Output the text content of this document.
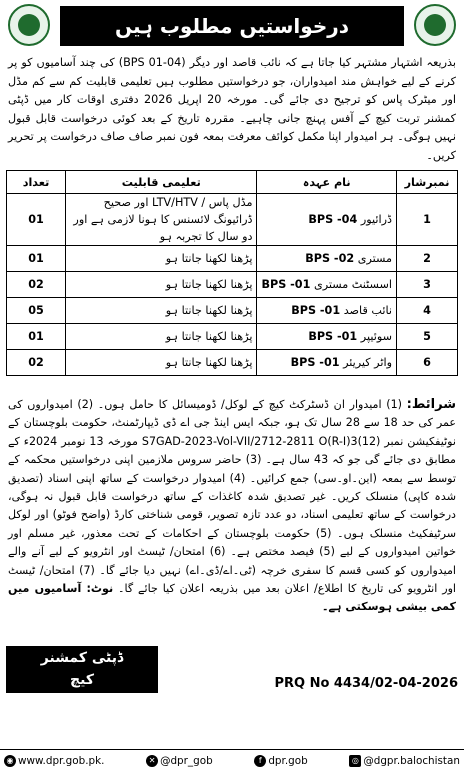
درخواستیں مطلوب ہیں
بذریعہ اشتہار مشتہر کیا جاتا ہے کہ نائب قاصد اور دیگر (BPS 01-04) کی چند آسامیوں کو پر کرنے کے لیے خواہش مند امیدواران، جو درخواستیں مطلوب ہیں تعلیمی قابلیت کم سے کم مڈل اور میٹرک پاس کو ترجیح دی جائے گی۔ مورخہ 20 اپریل 2026 دفتری اوقات کار میں ڈپٹی کمشنر تربت کیچ کے آفس پہنچ جانی چاہیے۔ مقررہ تاریخ کے بعد کوئی درخواست قابل قبول نہیں ہوگی۔ ہر امیدوار اپنا مکمل کوائف معرفت بمعہ فون نمبر صاف صاف درخواست پر تحریر کریں۔
نمبرشار	نام عہدہ	تعلیمی قابلیت	تعداد
1	ڈرائیور BPS -04	مڈل پاس / LTV/HTV اور صحیح ڈرائیونگ لائسنس کا ہونا لازمی ہے اور دو سال کا تجربہ ہو	01
2	مستری BPS -02	پڑھنا لکھنا جانتا ہو	01
3	اسسٹنٹ مستری BPS -01	پڑھنا لکھنا جانتا ہو	02
4	نائب قاصد BPS -01	پڑھنا لکھنا جانتا ہو	05
5	سوئیپر BPS -01	پڑھنا لکھنا جانتا ہو	01
6	واٹر کیریئر BPS -01	پڑھنا لکھنا جانتا ہو	02
شرائط: (1) امیدوار ان ڈسٹرکٹ کیچ کے لوکل/ ڈومیسائل کا حامل ہوں۔ (2) امیدواروں کی عمر کی حد 18 سے 28 سال تک ہو، جبکہ ایس اینڈ جی اے ڈی ڈیپارٹمنٹ، حکومت بلوچستان کے نوٹیفکیشن نمبر S7GAD-2023-Vol-VII/2712-2811 O(R-I)3(12) مورخہ 13 نومبر 2024ء کے مطابق دی جائے گی جو کہ 43 سال ہے۔ (3) حاضر سروس ملازمین اپنی درخواستیں محکمہ کے توسط سے بمعہ (این۔او۔سی) جمع کرائیں۔ (4) امیدوار درخواست کے ساتھ اپنی اسناد (تصدیق شدہ کاپی) منسلک کریں۔ غیر تصدیق شدہ کاغذات کے ساتھ درخواست قابل قبول نہ ہوگی، درخواست کے ساتھ تعلیمی اسناد، دو عدد تازہ تصویر، قومی شناختی کارڈ (واضح فوٹو) اور لوکل سرٹیفکیٹ منسلک ہوں۔ (5) حکومت بلوچستان کے احکامات کے تحت معذور، غیر مسلم اور خواتین امیدواروں کے لیے (5) فیصد مختص ہے۔ (6) امتحان/ ٹیسٹ اور انٹرویو کے لیے آنے والے امیدواروں کو کسی قسم کا سفری خرچہ (ٹی۔اے/ڈی۔اے) نہیں دیا جائے گا۔ (7) امتحان/ ٹیسٹ اور انٹرویو کی تاریخ کا اطلاع/ اعلان بعد میں بذریعہ اعلان کیا جائے گا۔ نوٹ: آسامیوں میں کمی بیشی ہوسکتی ہے۔
ڈپٹی کمشنر
کیچ	PRQ No 4434/02-04-2026
◉ www.dpr.gob.pk.	✕ @dpr_gob	f dpr.gob	◎ @dgpr.balochistan
